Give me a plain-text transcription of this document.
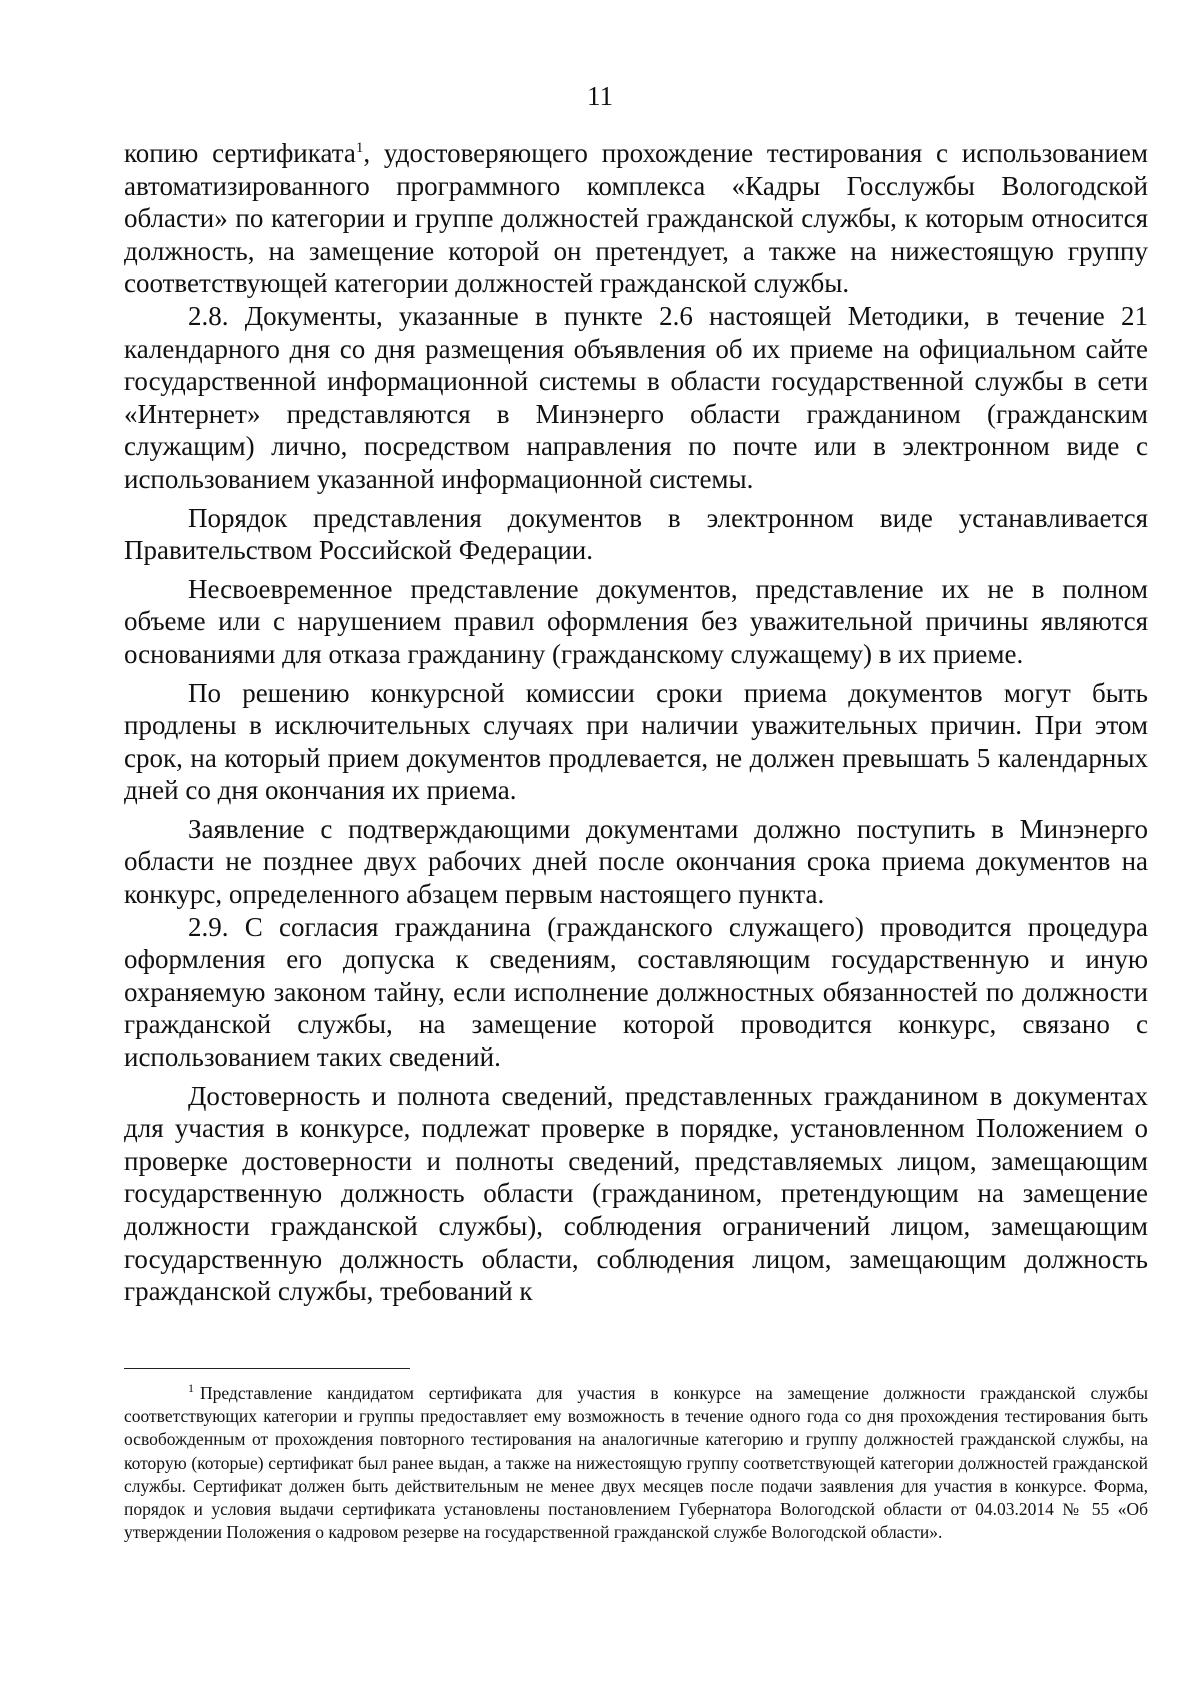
11

копию сертификата$^1$, удостоверяющего прохождение тестирования с использованием автоматизированного программного комплекса «Кадры Госслужбы Вологодской области» по категории и группе должностей гражданской службы, к которым относится должность, на замещение которой он претендует, а также на нижестоящую группу соответствующей категории должностей гражданской службы.

2.8. Документы, указанные в пункте 2.6 настоящей Методики, в течение 21 календарного дня со дня размещения объявления об их приеме на официальном сайте государственной информационной системы в области государственной службы в сети «Интернет» представляются в Минэнерго области гражданином (гражданским служащим) лично, посредством направления по почте или в электронном виде с использованием указанной информационной системы.

Порядок представления документов в электронном виде устанавливается Правительством Российской Федерации.

Несвоевременное представление документов, представление их не в полном объеме или с нарушением правил оформления без уважительной причины являются основаниями для отказа гражданину (гражданскому служащему) в их приеме.

По решению конкурсной комиссии сроки приема документов могут быть продлены в исключительных случаях при наличии уважительных причин. При этом срок, на который прием документов продлевается, не должен превышать 5 календарных дней со дня окончания их приема.

Заявление с подтверждающими документами должно поступить в Минэнерго области не позднее двух рабочих дней после окончания срока приема документов на конкурс, определенного абзацем первым настоящего пункта.

2.9. С согласия гражданина (гражданского служащего) проводится процедура оформления его допуска к сведениям, составляющим государственную и иную охраняемую законом тайну, если исполнение должностных обязанностей по должности гражданской службы, на замещение которой проводится конкурс, связано с использованием таких сведений.

Достоверность и полнота сведений, представленных гражданином в документах для участия в конкурсе, подлежат проверке в порядке, установленном Положением о проверке достоверности и полноты сведений, представляемых лицом, замещающим государственную должность области (гражданином, претендующим на замещение должности гражданской службы), соблюдения ограничений лицом, замещающим государственную должность области, соблюдения лицом, замещающим должность гражданской службы, требований к

$^1$ Представление кандидатом сертификата для участия в конкурсе на замещение должности гражданской службы соответствующих категории и группы предоставляет ему возможность в течение одного года со дня прохождения тестирования быть освобожденным от прохождения повторного тестирования на аналогичные категорию и группу должностей гражданской службы, на которую (которые) сертификат был ранее выдан, а также на нижестоящую группу соответствующей категории должностей гражданской службы. Сертификат должен быть действительным не менее двух месяцев после подачи заявления для участия в конкурсе. Форма, порядок и условия выдачи сертификата установлены постановлением Губернатора Вологодской области от 04.03.2014 № 55 «Об утверждении Положения о кадровом резерве на государственной гражданской службе Вологодской области».
